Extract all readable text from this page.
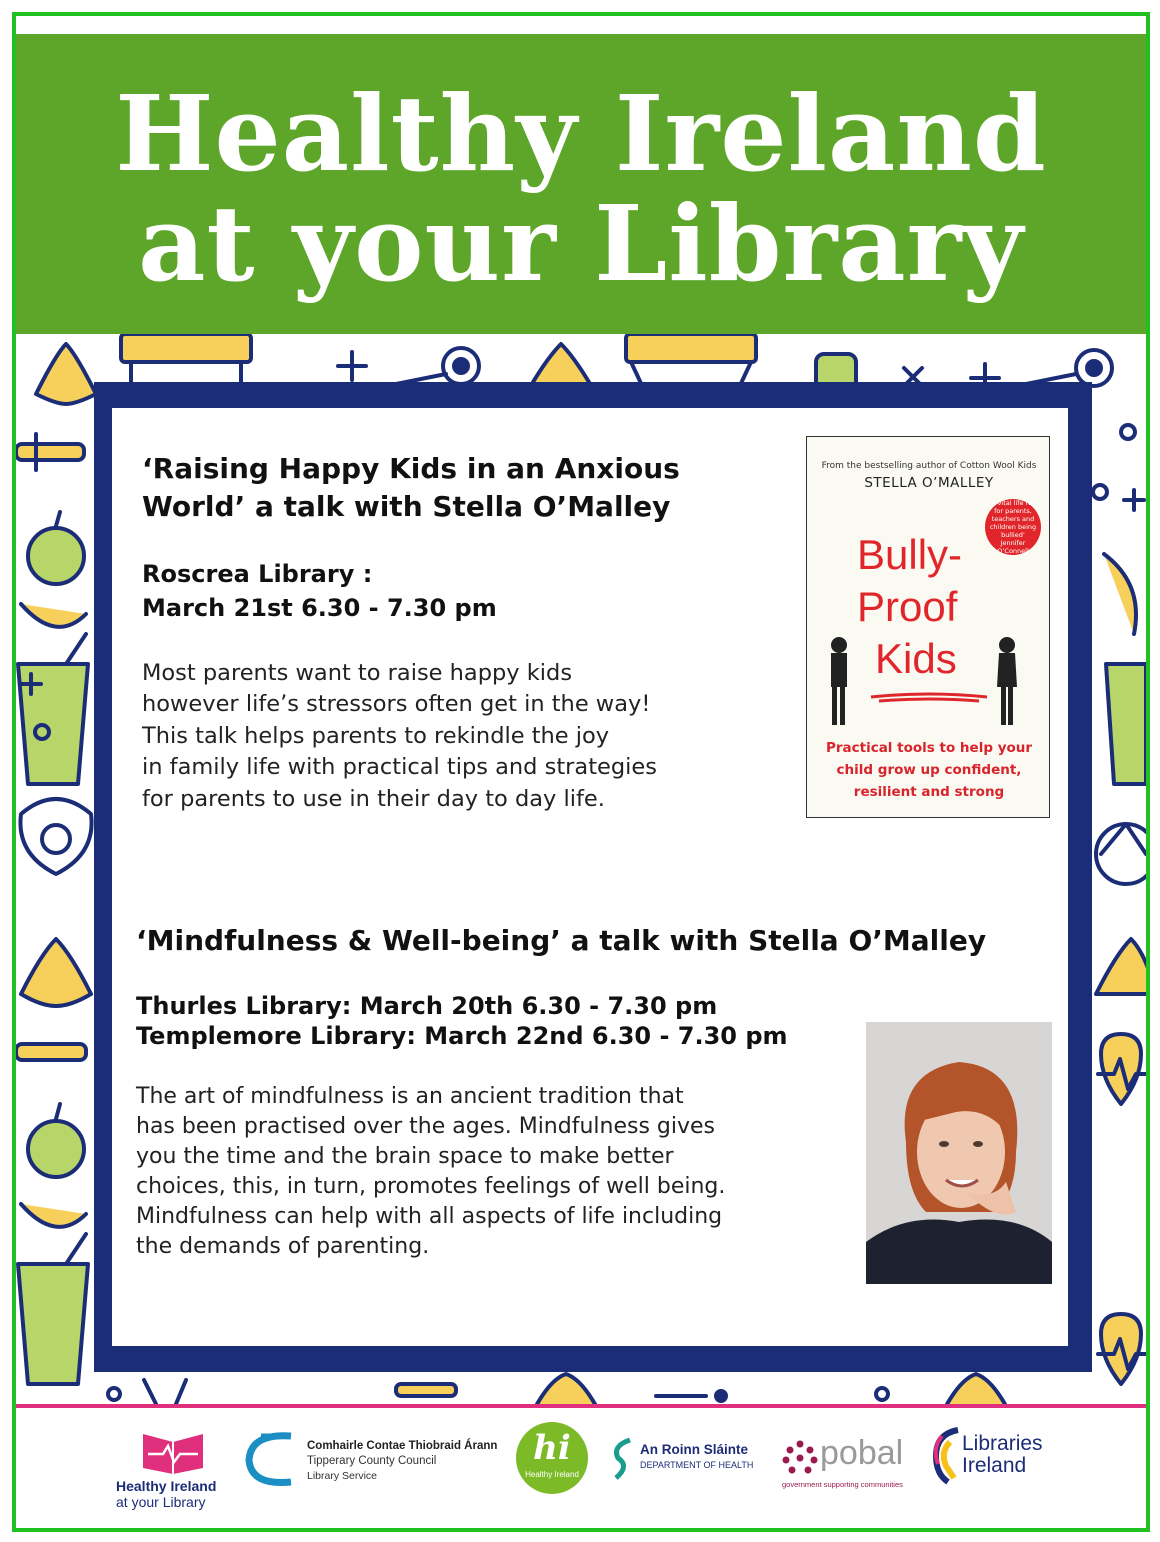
Healthy Ireland
at your Library
‘Raising Happy Kids in an Anxious
World’ a talk with Stella O’Malley
Roscrea Library :
March 21st 6.30 - 7.30 pm
Most parents want to raise happy kids
however life’s stressors often get in the way!
This talk helps parents to rekindle the joy
in family life with practical tips and strategies
for parents to use in their day to day life.
From the bestselling author of Cotton Wool Kids
STELLA O’MALLEY
‘A vital life raft for parents, teachers and children being bullied’ Jennifer O’Connell
Bully-
Proof
Kids
Practical tools to help your
child grow up confident,
resilient and strong
‘Mindfulness & Well-being’ a talk with Stella O’Malley
Thurles Library: March 20th 6.30 - 7.30 pm
Templemore Library: March 22nd 6.30 - 7.30 pm
The art of mindfulness is an ancient tradition that
has been practised over the ages. Mindfulness gives
you the time and the brain space to make better
choices, this, in turn, promotes feelings of well being.
Mindfulness can help with all aspects of life including
the demands of parenting.
Healthy Ireland
at your Library
Comhairle Contae Thiobraid Árann
Tipperary County Council
Library Service
hi
Healthy Ireland
An Roinn Sláinte
DEPARTMENT OF HEALTH pobal
government supporting communities
Libraries
Ireland
